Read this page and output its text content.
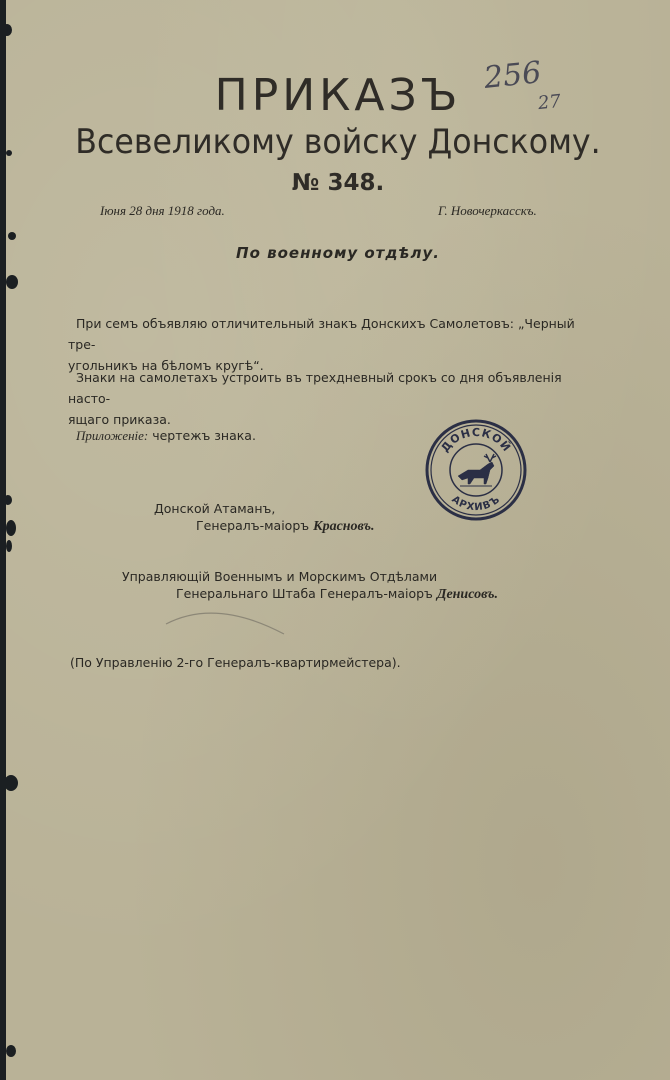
256
27
ПРИКАЗЪ
Всевеликому войску Донскому.
№ 348.
Іюня 28 дня 1918 года.	Г. Новочеркасскъ.
По военному отдѣлу.
При семъ объявляю отличительный знакъ Донскихъ Самолетовъ: „Черный тре-
угольникъ на бѣломъ кругѣ“.
Знаки на самолетахъ устроить въ трехдневный срокъ со дня объявленія насто-
ящаго приказа.
Приложеніе: чертежъ знака.
ДОНСКОЙ
АРХИВЪ
Донской Атаманъ,
Генералъ-маіоръ Красновъ.
Управляющій Военнымъ и Морскимъ Отдѣлами
Генеральнаго Штаба Генералъ-маіоръ Денисовъ.
(По Управленію 2-го Генералъ-квартирмейстера).
